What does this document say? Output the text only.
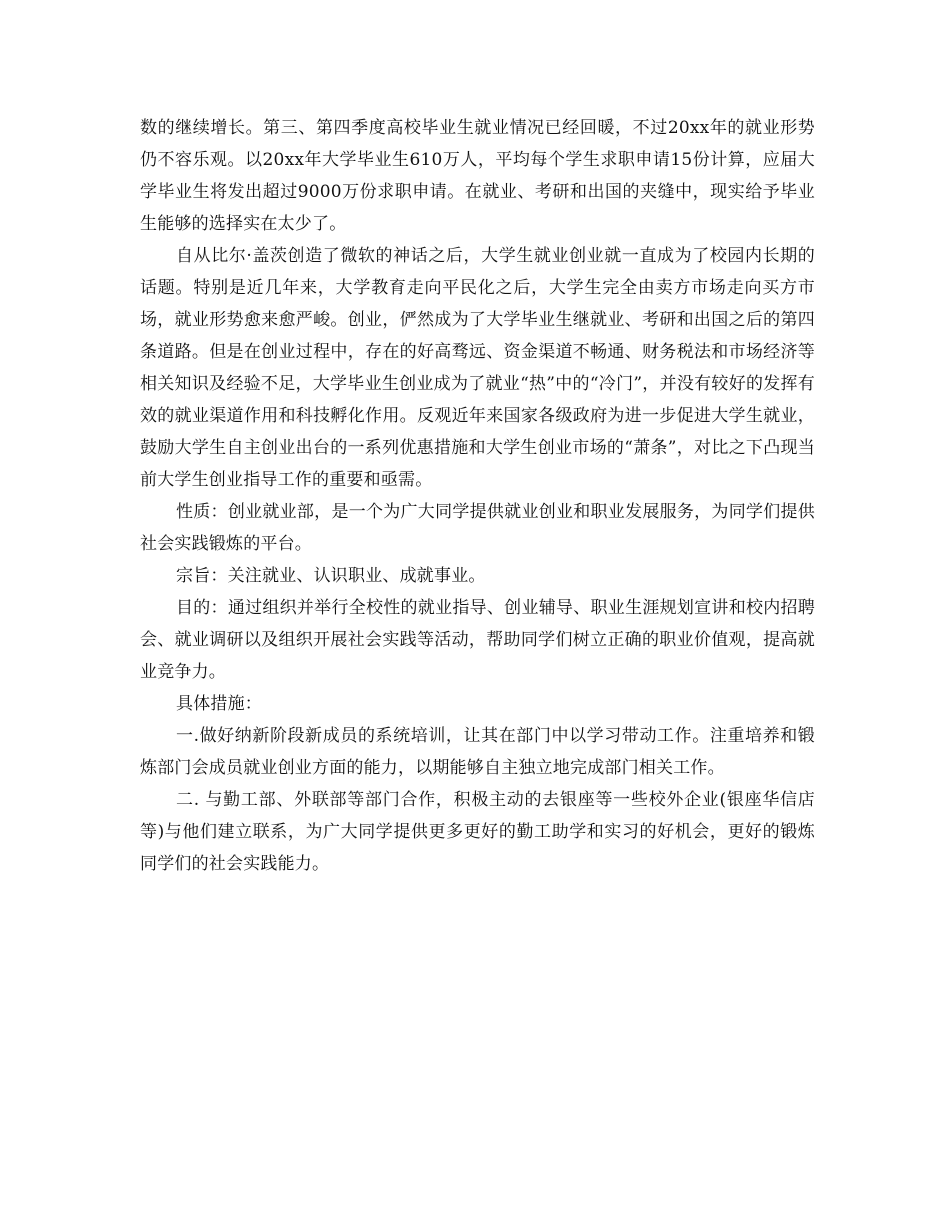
数的继续增长。第三、第四季度高校毕业生就业情况已经回暖，不过20xx年的就业形势仍不容乐观。以20xx年大学毕业生610万人，平均每个学生求职申请15份计算，应届大学毕业生将发出超过9000万份求职申请。在就业、考研和出国的夹缝中，现实给予毕业生能够的选择实在太少了。

自从比尔·盖茨创造了微软的神话之后，大学生就业创业就一直成为了校园内长期的话题。特别是近几年来，大学教育走向平民化之后，大学生完全由卖方市场走向买方市场，就业形势愈来愈严峻。创业，俨然成为了大学毕业生继就业、考研和出国之后的第四条道路。但是在创业过程中，存在的好高骛远、资金渠道不畅通、财务税法和市场经济等相关知识及经验不足，大学毕业生创业成为了就业“热”中的“冷门”，并没有较好的发挥有效的就业渠道作用和科技孵化作用。反观近年来国家各级政府为进一步促进大学生就业，鼓励大学生自主创业出台的一系列优惠措施和大学生创业市场的“萧条”，对比之下凸现当前大学生创业指导工作的重要和亟需。

性质：创业就业部，是一个为广大同学提供就业创业和职业发展服务，为同学们提供社会实践锻炼的平台。

宗旨：关注就业、认识职业、成就事业。

目的：通过组织并举行全校性的就业指导、创业辅导、职业生涯规划宣讲和校内招聘会、就业调研以及组织开展社会实践等活动，帮助同学们树立正确的职业价值观，提高就业竞争力。

具体措施：

一.做好纳新阶段新成员的系统培训，让其在部门中以学习带动工作。注重培养和锻炼部门会成员就业创业方面的能力，以期能够自主独立地完成部门相关工作。

二. 与勤工部、外联部等部门合作，积极主动的去银座等一些校外企业(银座华信店等)与他们建立联系，为广大同学提供更多更好的勤工助学和实习的好机会，更好的锻炼同学们的社会实践能力。
